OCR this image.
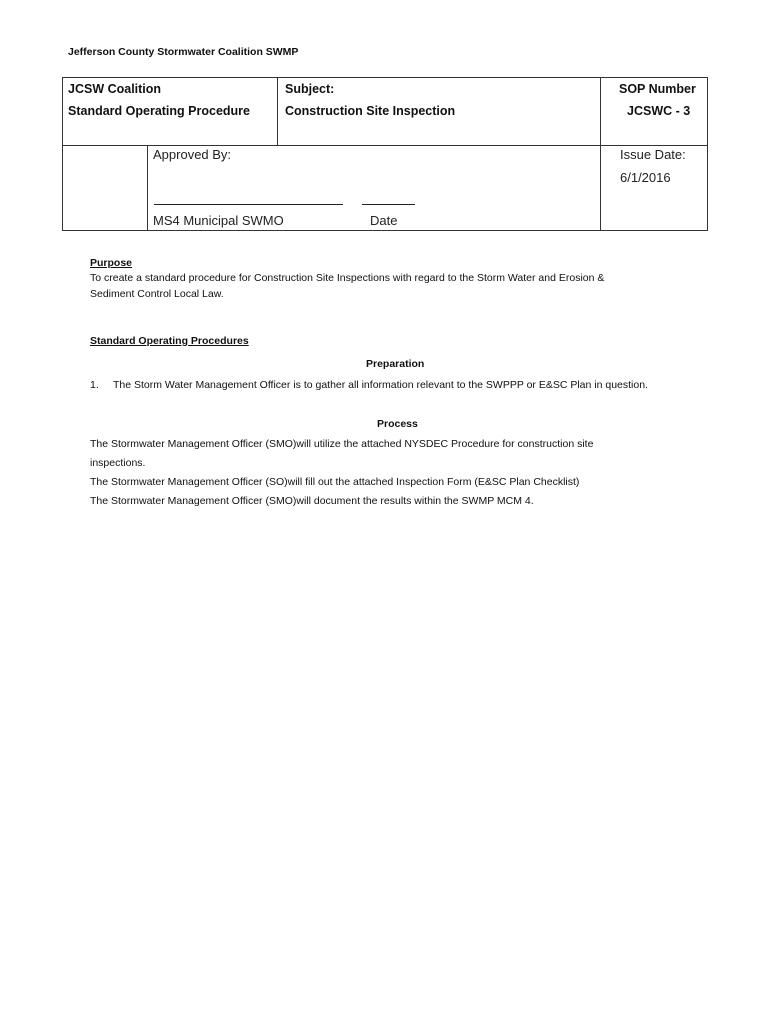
Jefferson County Stormwater Coalition SWMP
JCSW Coalition
Standard Operating Procedure
Subject:
Construction Site Inspection
SOP Number
JCSWC - 3
Approved By:
MS4 Municipal SWMO	Date
Issue Date:
6/1/2016
Purpose
To create a standard procedure for Construction Site Inspections with regard to the Storm Water and Erosion &
Sediment Control Local Law.
Standard Operating Procedures
Preparation
1. The Storm Water Management Officer is to gather all information relevant to the SWPPP or E&SC Plan in question.
Process
The Stormwater Management Officer (SMO)will utilize the attached NYSDEC Procedure for construction site
inspections.
The Stormwater Management Officer (SO)will fill out the attached Inspection Form (E&SC Plan Checklist)
The Stormwater Management Officer (SMO)will document the results within the SWMP MCM 4.
